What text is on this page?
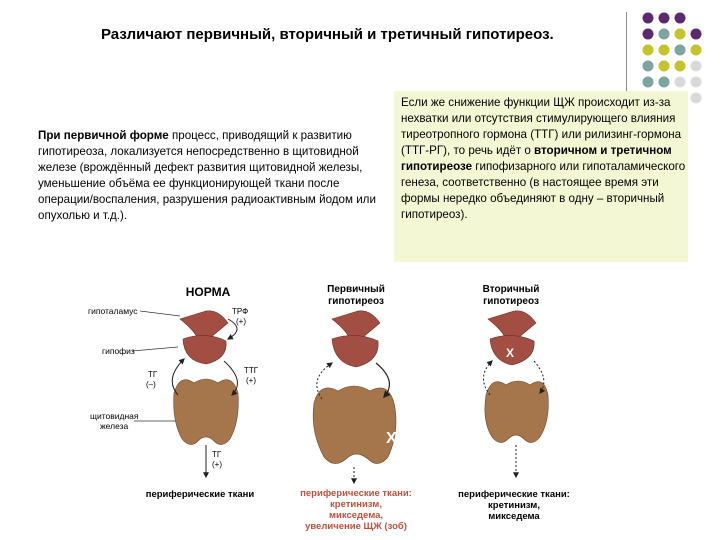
Различают первичный, вторичный и третичный гипотиреоз.
При первичной форме процесс, приводящий к развитию гипотиреоза, локализуется непосредственно в щитовидной железе (врождённый дефект развития щитовидной железы, уменьшение объёма ее функционирующей ткани после операции/воспаления, разрушения радиоактивным йодом или опухолью и т.д.).
Если же снижение функции ЩЖ происходит из-за нехватки или отсутствия стимулирующего влияния тиреотропного гормона (ТТГ) или рилизинг-гормона (ТТГ-РГ), то речь идёт о вторичном и третичном гипотиреозе гипофизарного или гипоталамического генеза, соответственно (в настоящее время эти формы нередко объединяют в одну – вторичный гипотиреоз).
НОРМА	Первичный
гипотиреоз
Вторичный
гипотиреоз
гипоталамус
гипофиз
щитовидная
железа
ТРФ
(+)
ТТГ
(+)
ТГ
(–)
ТГ
(+)
периферические ткани
X
периферические ткани:
кретинизм,
микседема,
увеличение ЩЖ (зоб)
X
периферические ткани:
кретинизм,
микседема
